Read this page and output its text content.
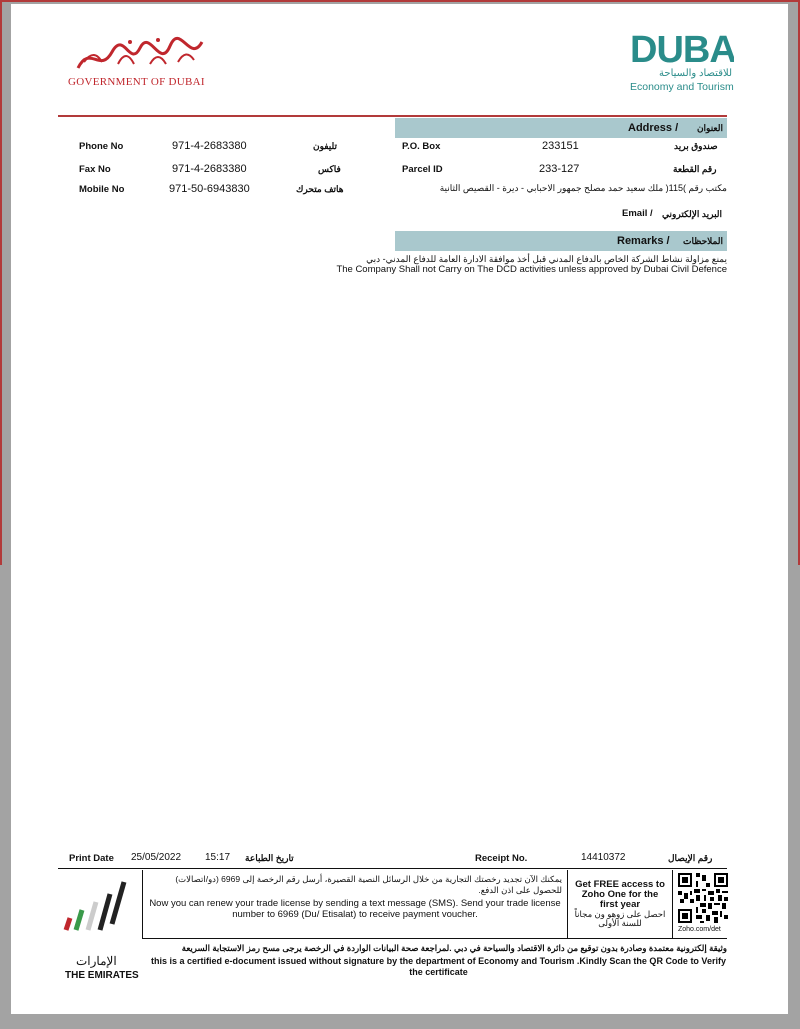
GOVERNMENT OF DUBAI
DUBAI
للاقتصاد والسياحة
Economy and Tourism
Address / العنوان
Phone No	971-4-2683380	تليفون
Fax No	971-4-2683380	فاكس
Mobile No	971-50-6943830	هاتف متحرك
P.O. Box	233151	صندوق بريد
Parcel ID	233-127	رقم القطعة
مكتب رقم )115( ملك سعيد حمد مصلح جمهور الاحبابي - ديرة - القصيص الثانية
Email / البريد الإلكتروني
Remarks / الملاحظات
يمنع مزاولة نشاط الشركة الخاص بالدفاع المدني قبل أخذ موافقة الادارة العامة للدفاع المدني- دبي
The Company Shall not Carry on The DCD activities unless approved by Dubai Civil Defence
Print Date 25/05/2022 15:17 تاريخ الطباعة	Receipt No.	14410372	رقم الإيصال
الإمارات
THE EMIRATES
يمكنك الآن تجديد رخصتك التجارية من خلال الرسائل النصية القصيرة، أرسل رقم الرخصة إلى 6969 (دو/اتصالات) للحصول على اذن الدفع.
Now you can renew your trade license by sending a text message (SMS). Send your trade license number to 6969 (Du/ Etisalat) to receive payment voucher.
Get FREE access to Zoho One for the first year
احصل على زوهو ون مجاناً للسنة الأولى
Zoho.com/det
وثيقة إلكترونية معتمدة وصادرة بدون توقيع من دائرة الاقتصاد والسياحة في دبي .لمراجعة صحة البيانات الواردة في الرخصة يرجى مسح رمز الاستجابة السريعة
this is a certified e-document issued without signature by the department of Economy and Tourism .Kindly Scan the QR Code to Verify the certificate
